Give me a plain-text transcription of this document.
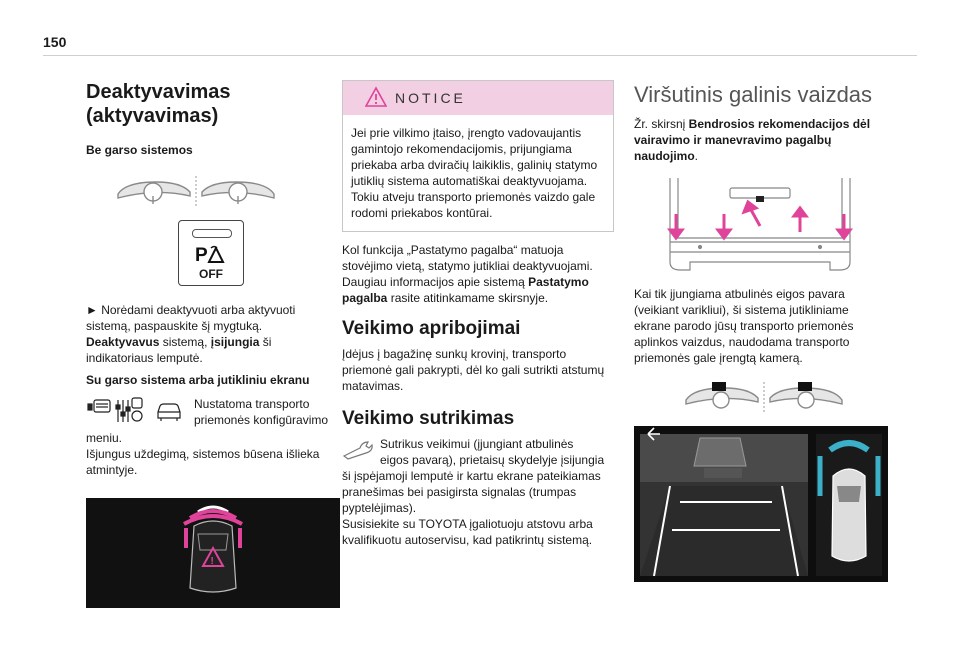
150
Deaktyvavimas
(aktyvavimas)
Be garso sistemos
P
OFF

► Norėdami deaktyvuoti arba aktyvuoti sistemą, paspauskite šį mygtuką.

Deaktyvavus sistemą, įsijungia ši indikatoriaus lemputė.

Su garso sistema arba jutikliniu ekranu
Nustatoma transporto
priemonės konfigūravimo

meniu.

Išjungus uždegimą, sistemos būsena išlieka atmintyje.

!
NOTICE

Jei prie vilkimo įtaiso, įrengto vadovaujantis gamintojo rekomendacijomis, prijungiama priekaba arba dviračių laikiklis, galinių statymo jutiklių sistema automatiškai deaktyvuojama.

Tokiu atveju transporto priemonės vaizdo gale rodomi priekabos kontūrai.

Kol funkcija „Pastatymo pagalba“ matuoja stovėjimo vietą, statymo jutikliai deaktyvuojami. Daugiau informacijos apie sistemą Pastatymo pagalba rasite atitinkamame skirsnyje.

Veikimo apribojimai

Įdėjus į bagažinę sunkų krovinį, transporto priemonė gali pakrypti, dėl ko gali sutrikti atstumų matavimas.

Veikimo sutrikimas
Sutrikus veikimui (įjungiant atbulinės
eigos pavarą), prietaisų skydelyje įsijungia

ši įspėjamoji lemputė ir kartu ekrane pateikiamas pranešimas bei pasigirsta signalas (trumpas pyptelėjimas).

Susisiekite su TOYOTA įgaliotuoju atstovu arba kvalifikuotu autoservisu, kad patikrintų sistemą.

Viršutinis galinis vaizdas

Žr. skirsnį Bendrosios rekomendacijos dėl vairavimo ir manevravimo pagalbų naudojimo.

Kai tik įjungiama atbulinės eigos pavara (veikiant varikliui), ši sistema jutikliniame ekrane parodo jūsų transporto priemonės aplinkos vaizdus, naudodama transporto priemonės gale įrengtą kamerą.
